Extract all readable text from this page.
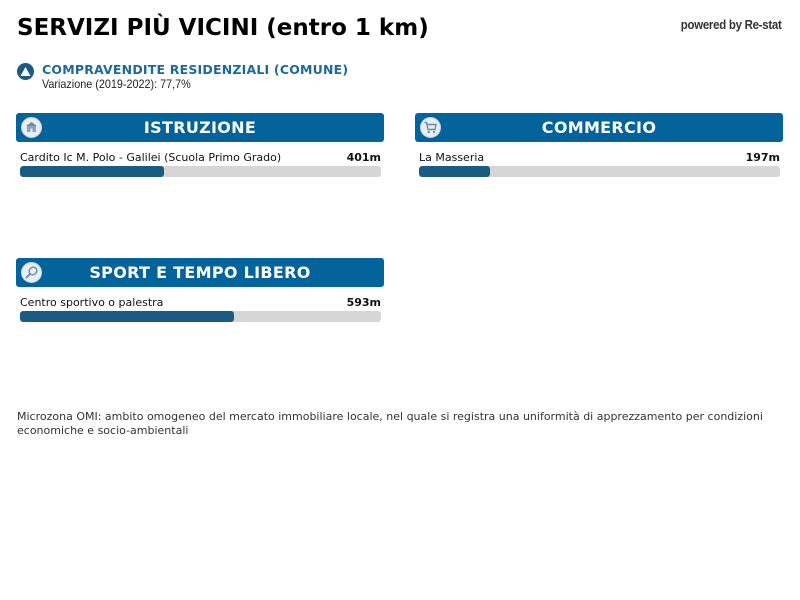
SERVIZI PIÙ VICINI (entro 1 km)	powered by Re-stat
COMPRAVENDITE RESIDENZIALI (COMUNE)
Variazione (2019-2022): 77,7%
ISTRUZIONE
Cardito Ic M. Polo - Galilei (Scuola Primo Grado)	401m
COMMERCIO
La Masseria	197m
SPORT E TEMPO LIBERO
Centro sportivo o palestra	593m
Microzona OMI: ambito omogeneo del mercato immobiliare locale, nel quale si registra una uniformità di apprezzamento per condizioni economiche e socio-ambientali
